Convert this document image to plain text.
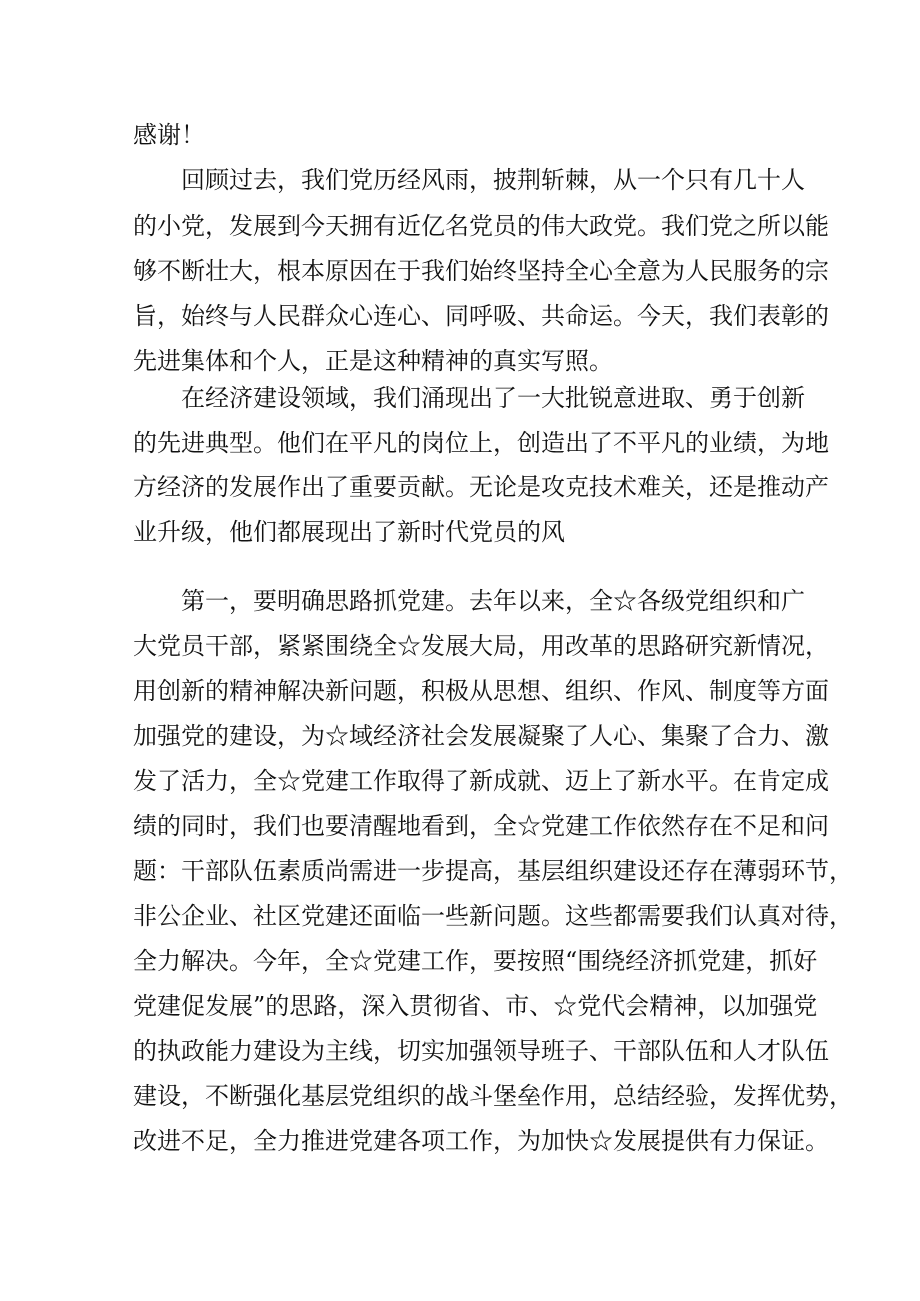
感谢！

回顾过去，我们党历经风雨，披荆斩棘，从一个只有几十人

的小党，发展到今天拥有近亿名党员的伟大政党。我们党之所以能

够不断壮大，根本原因在于我们始终坚持全心全意为人民服务的宗

旨，始终与人民群众心连心、同呼吸、共命运。今天，我们表彰的

先进集体和个人，正是这种精神的真实写照。

在经济建设领域，我们涌现出了一大批锐意进取、勇于创新

的先进典型。他们在平凡的岗位上，创造出了不平凡的业绩，为地

方经济的发展作出了重要贡献。无论是攻克技术难关，还是推动产

业升级，他们都展现出了新时代党员的风

第一，要明确思路抓党建。去年以来，全☆各级党组织和广

大党员干部，紧紧围绕全☆发展大局，用改革的思路研究新情况，

用创新的精神解决新问题，积极从思想、组织、作风、制度等方面

加强党的建设，为☆域经济社会发展凝聚了人心、集聚了合力、激

发了活力，全☆党建工作取得了新成就、迈上了新水平。在肯定成

绩的同时，我们也要清醒地看到，全☆党建工作依然存在不足和问

题：干部队伍素质尚需进一步提高，基层组织建设还存在薄弱环节，

非公企业、社区党建还面临一些新问题。这些都需要我们认真对待，

全力解决。今年，全☆党建工作，要按照“围绕经济抓党建，抓好

党建促发展”的思路，深入贯彻省、市、☆党代会精神，以加强党

的执政能力建设为主线，切实加强领导班子、干部队伍和人才队伍

建设，不断强化基层党组织的战斗堡垒作用，总结经验，发挥优势，

改进不足，全力推进党建各项工作，为加快☆发展提供有力保证。
